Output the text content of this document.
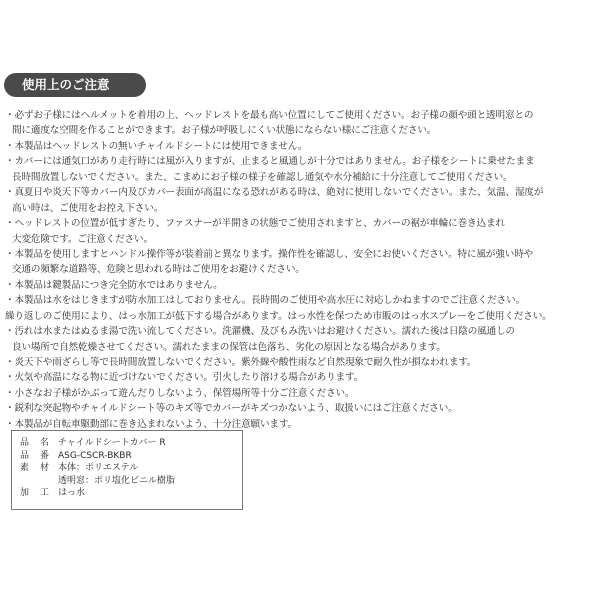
使用上のご注意
・必ずお子様にはヘルメットを着用の上、ヘッドレストを最も高い位置にしてご使用ください。お子様の顔や頭と透明窓との
間に適度な空間を作ることができます。お子様が呼吸しにくい状態にならない様にご注意ください。
・本製品はヘッドレストの無いチャイルドシートには使用できません。
・カバーには通気口があり走行時には風が入りますが、止まると風通しが十分ではありません。お子様をシートに乗せたまま
長時間放置しないでください。また、こまめにお子様の様子を確認し通気や水分補給に十分注意してご使用ください。
・真夏日や炎天下等カバー内及びカバー表面が高温になる恐れがある時は、絶対に使用しないでください。また、気温、湿度が
高い時は、ご使用をお控え下さい。
・ヘッドレストの位置が低すぎたり、ファスナーが半開きの状態でご使用されますと、カバーの裾が車輪に巻き込まれ
大変危険です。ご注意ください。
・本製品を使用しますとハンドル操作等が装着前と異なります。操作性を確認し、安全にお使いください。特に風が強い時や
交通の頻繁な道路等、危険と思われる時はご使用をお避けください。
・本製品は鍵製品につき完全防水ではありません。
・本製品は水をはじきますが防水加工はしておりません。長時間のご使用や高水圧に対応しかねますのでご注意ください。
繰り返しのご使用により、はっ水加工が低下する場合があります。はっ水性を保つため市販のはっ水スプレーをご使用ください。
・汚れは水またはぬるま湯で洗い流してください。洗濯機、及びもみ洗いはお避けください。濡れた後は日陰の風通しの
良い場所で自然乾燥させてください。濡れたままの保管は色落ち、劣化の原因となる場合があります。
・炎天下や雨ざらし等で長時間放置しないでください。紫外線や酸性雨など自然現象で耐久性が損なわれます。
・火気や高温になる物に近づけないでください。引火したり溶ける場合があります。
・小さなお子様がかぶって遊んだりしないよう、保管場所等十分ご注意ください。
・鋭利な突起物やチャイルドシート等のキズ等でカバーがキズつかないよう、取扱いにはご注意ください。
・本製品が自転車駆動部に巻き込まれないよう、十分注意願います。
品　名 チャイルドシートカバー R
品　番 ASG-CSCR-BKBR
素　材 本体：ポリエステル
透明窓：ポリ塩化ビニル樹脂
加　工 はっ水
